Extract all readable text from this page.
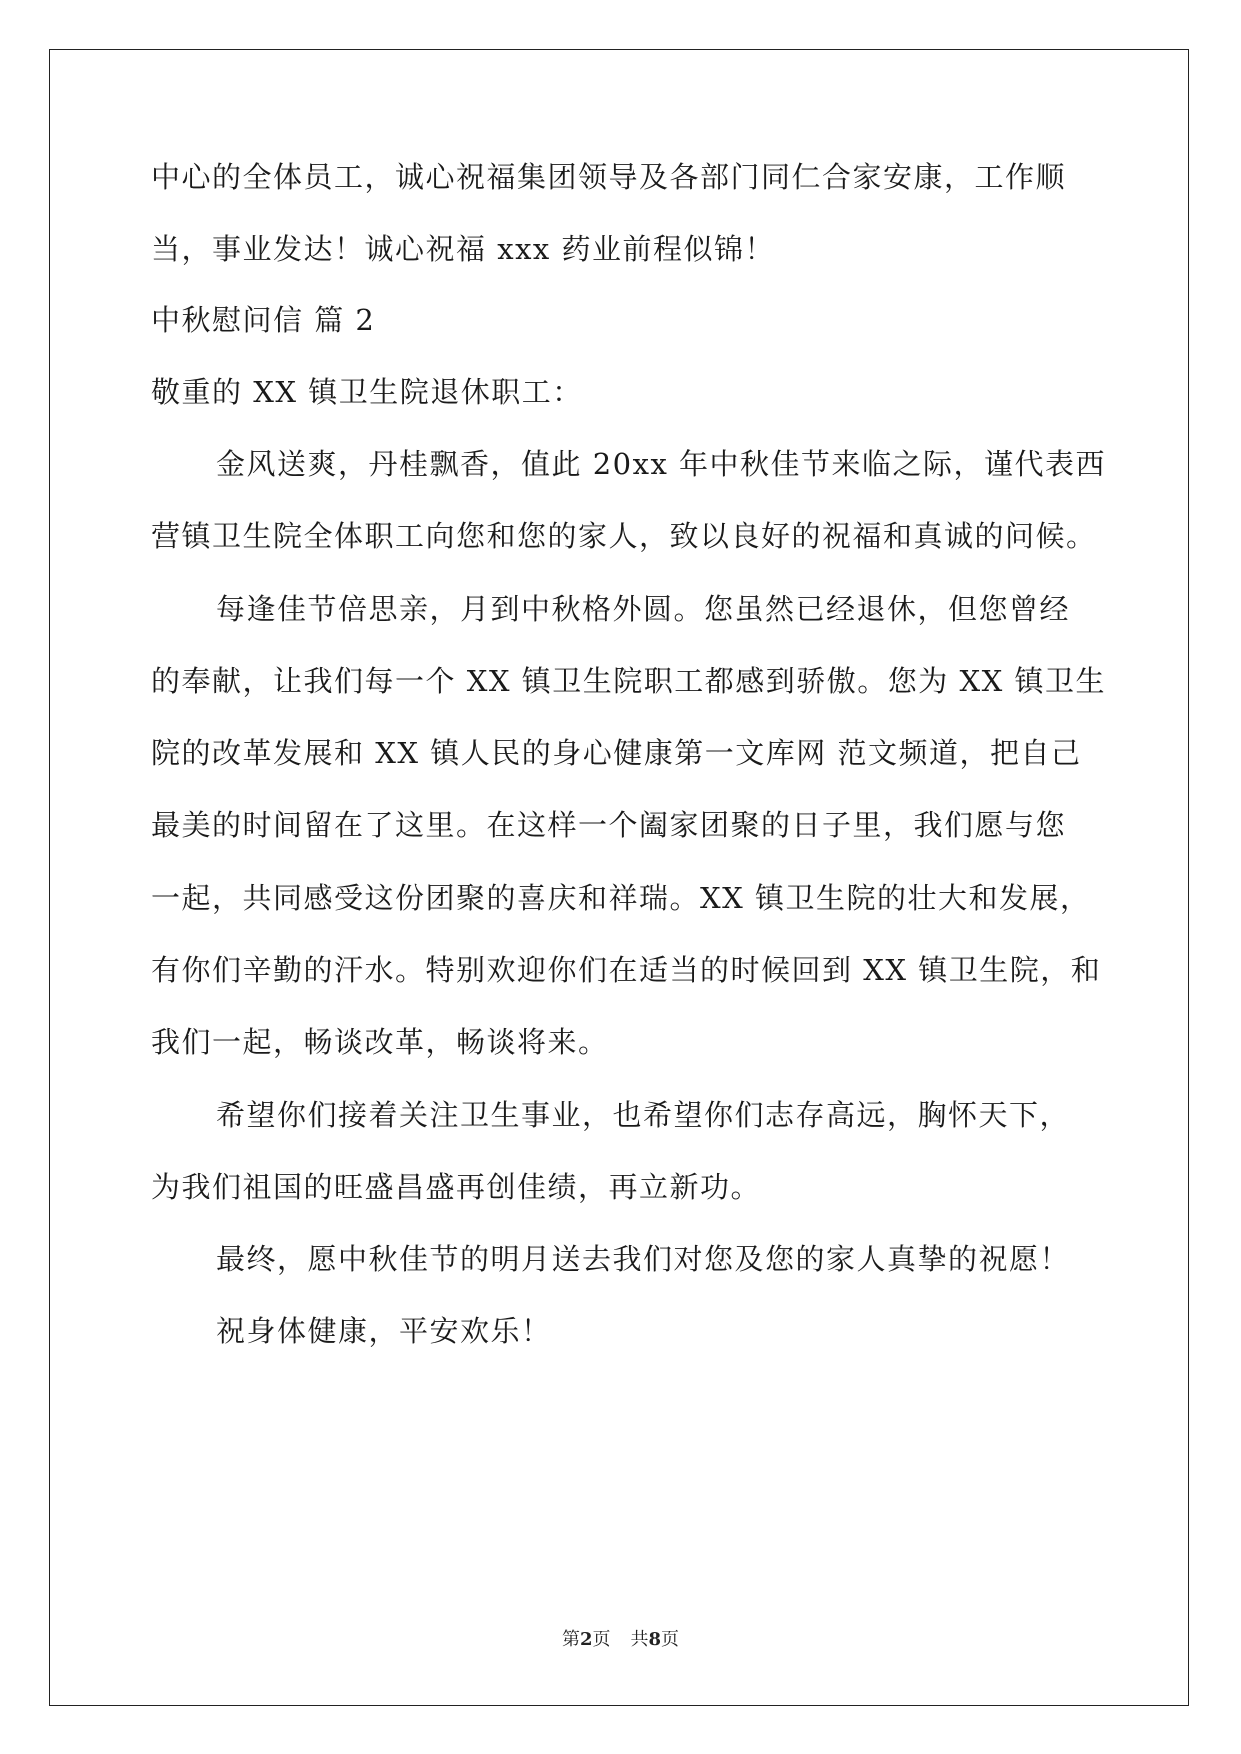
中心的全体员工，诚心祝福集团领导及各部门同仁合家安康，工作顺
当，事业发达！诚心祝福 xxx 药业前程似锦！
中秋慰问信 篇 2
敬重的 XX 镇卫生院退休职工：
金风送爽，丹桂飘香，值此 20xx 年中秋佳节来临之际，谨代表西
营镇卫生院全体职工向您和您的家人，致以良好的祝福和真诚的问候。
每逢佳节倍思亲，月到中秋格外圆。您虽然已经退休，但您曾经
的奉献，让我们每一个 XX 镇卫生院职工都感到骄傲。您为 XX 镇卫生
院的改革发展和 XX 镇人民的身心健康第一文库网 范文频道，把自己
最美的时间留在了这里。在这样一个阖家团聚的日子里，我们愿与您
一起，共同感受这份团聚的喜庆和祥瑞。XX 镇卫生院的壮大和发展，
有你们辛勤的汗水。特别欢迎你们在适当的时候回到 XX 镇卫生院，和
我们一起，畅谈改革，畅谈将来。
希望你们接着关注卫生事业，也希望你们志存高远，胸怀天下，
为我们祖国的旺盛昌盛再创佳绩，再立新功。
最终，愿中秋佳节的明月送去我们对您及您的家人真挚的祝愿！
祝身体健康，平安欢乐！
第2页 共8页
